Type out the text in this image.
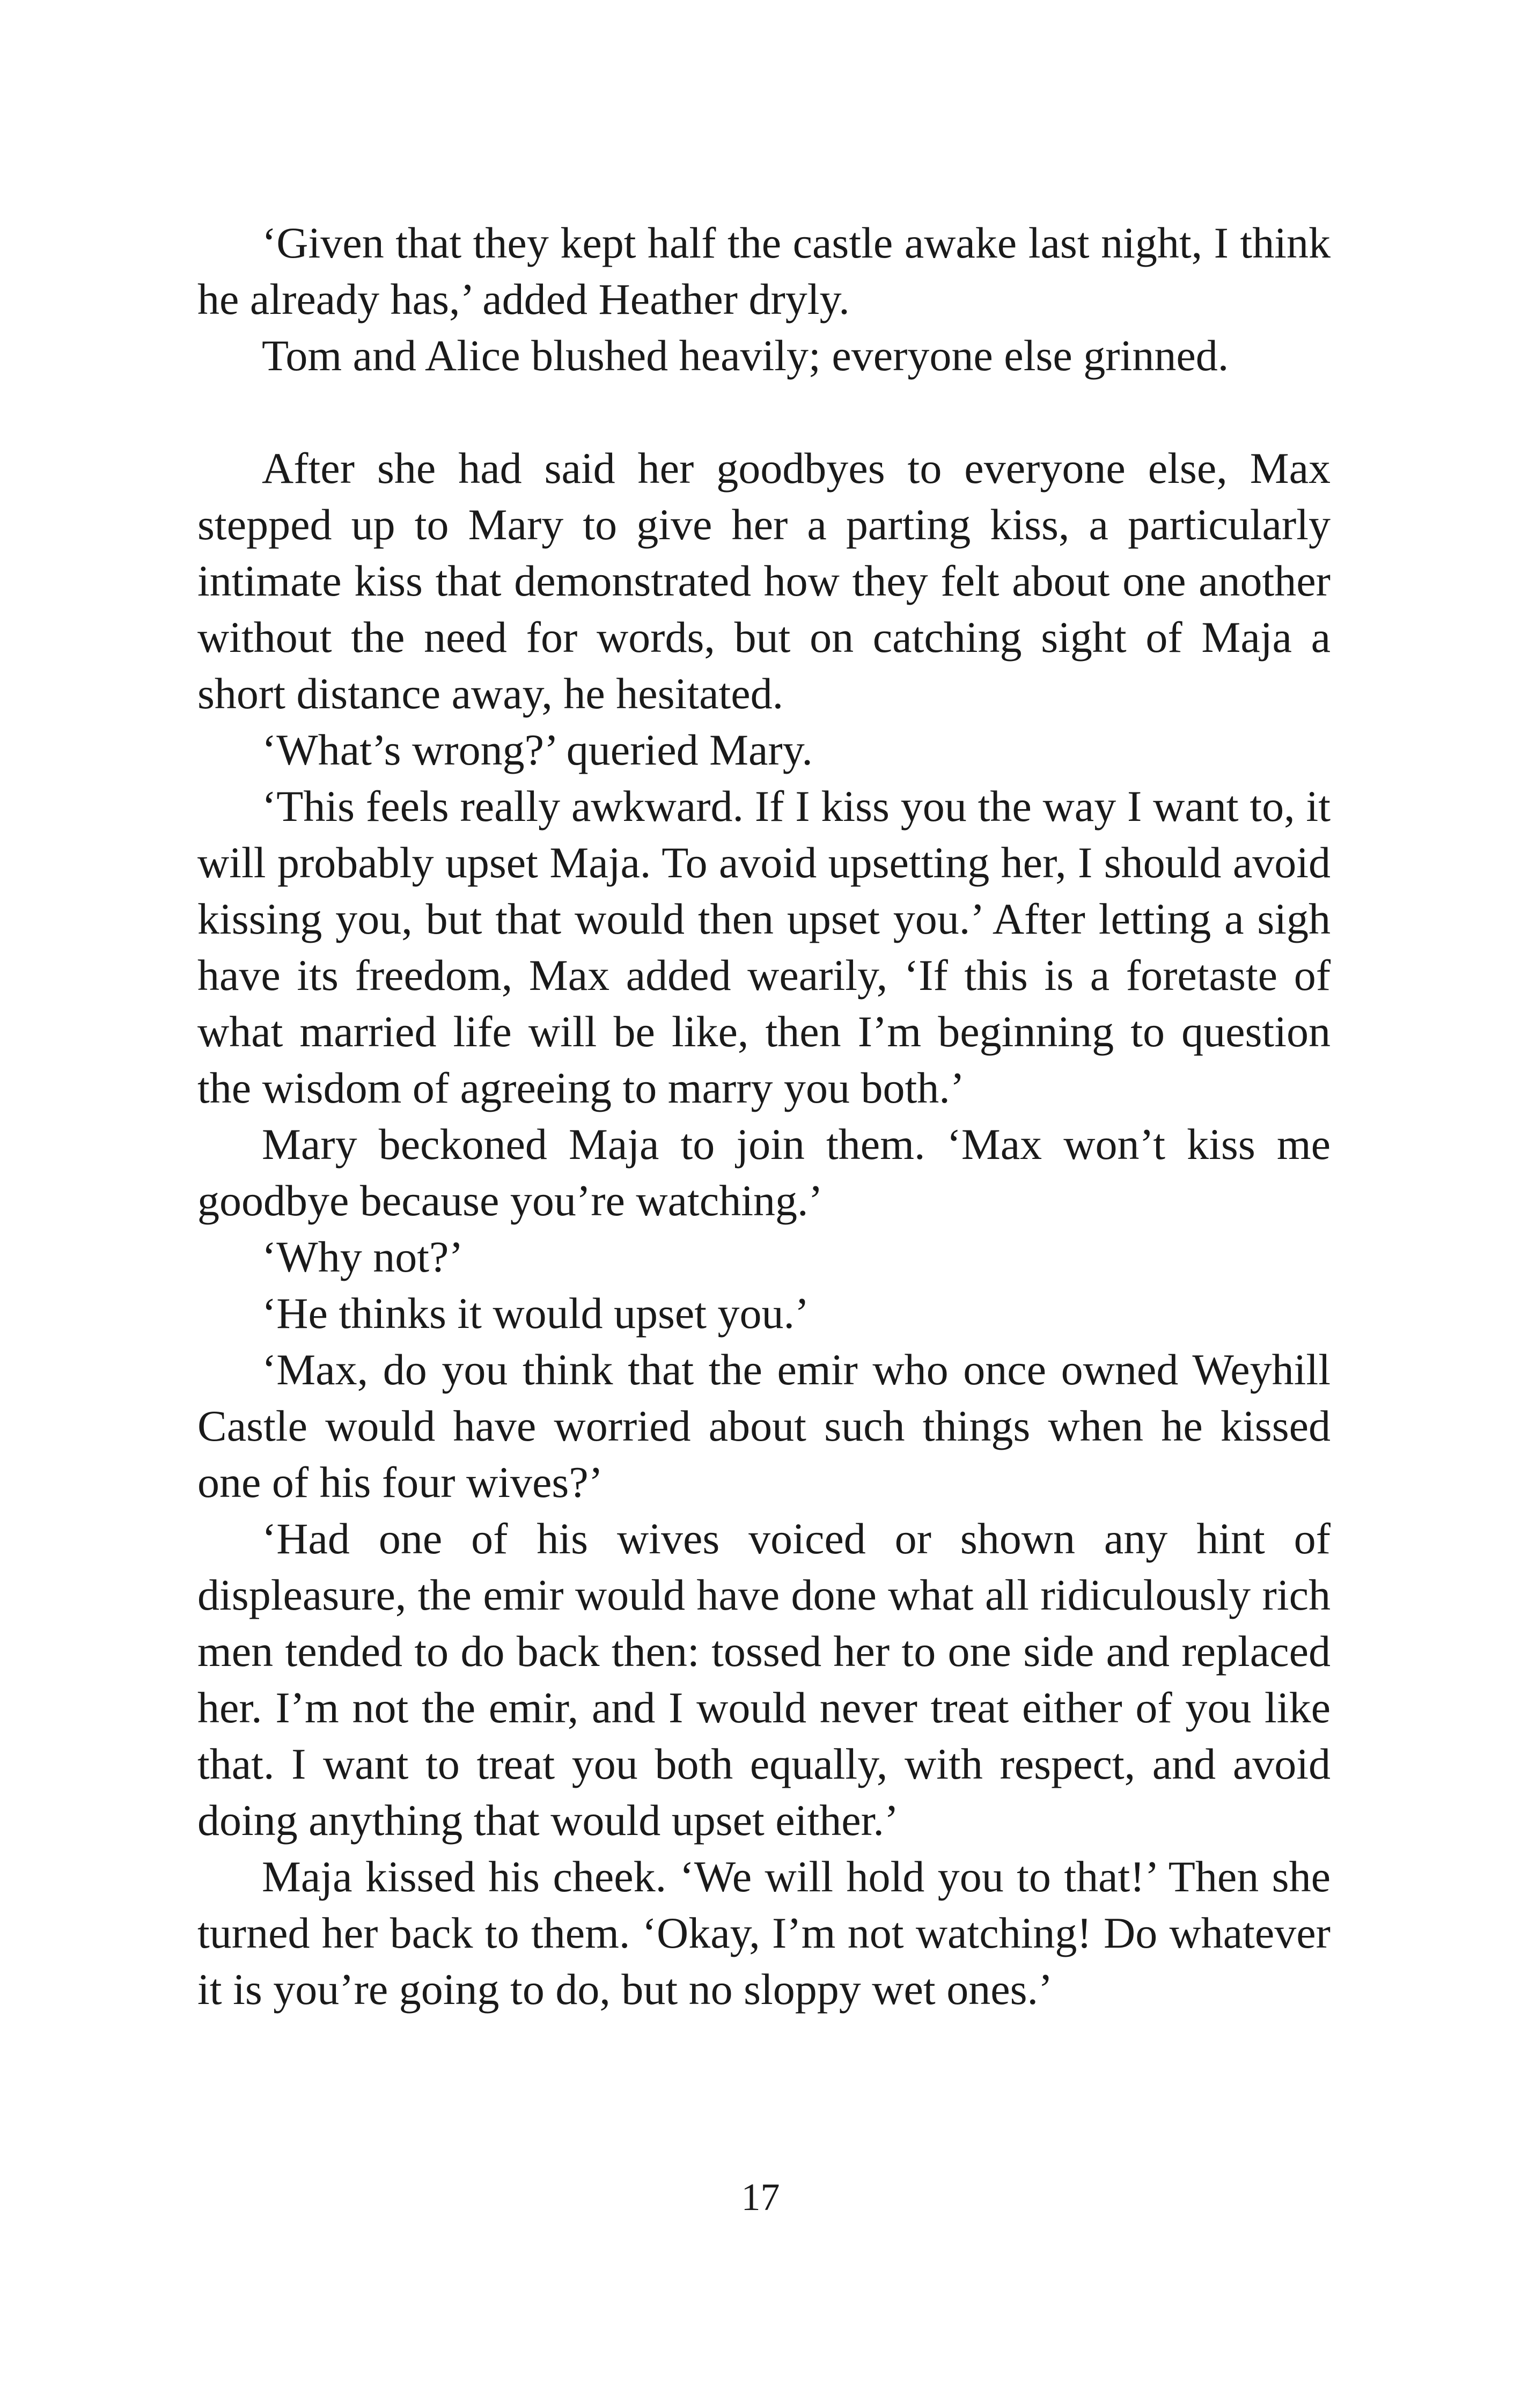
‘Given that they kept half the castle awake last night, I think he already has,’ added Heather dryly.

Tom and Alice blushed heavily; everyone else grinned.

After she had said her goodbyes to everyone else, Max stepped up to Mary to give her a parting kiss, a particularly intimate kiss that demonstrated how they felt about one another without the need for words, but on catching sight of Maja a short distance away, he hesitated.

‘What’s wrong?’ queried Mary.

‘This feels really awkward. If I kiss you the way I want to, it will probably upset Maja. To avoid upsetting her, I should avoid kissing you, but that would then upset you.’ After letting a sigh have its freedom, Max added wearily, ‘If this is a foretaste of what married life will be like, then I’m beginning to question the wisdom of agreeing to marry you both.’

Mary beckoned Maja to join them. ‘Max won’t kiss me goodbye because you’re watching.’

‘Why not?’

‘He thinks it would upset you.’

‘Max, do you think that the emir who once owned Weyhill Castle would have worried about such things when he kissed one of his four wives?’

‘Had one of his wives voiced or shown any hint of displeasure, the emir would have done what all ridiculously rich men tended to do back then: tossed her to one side and replaced her. I’m not the emir, and I would never treat either of you like that. I want to treat you both equally, with respect, and avoid doing anything that would upset either.’

Maja kissed his cheek. ‘We will hold you to that!’ Then she turned her back to them. ‘Okay, I’m not watching! Do whatever it is you’re going to do, but no sloppy wet ones.’

17
